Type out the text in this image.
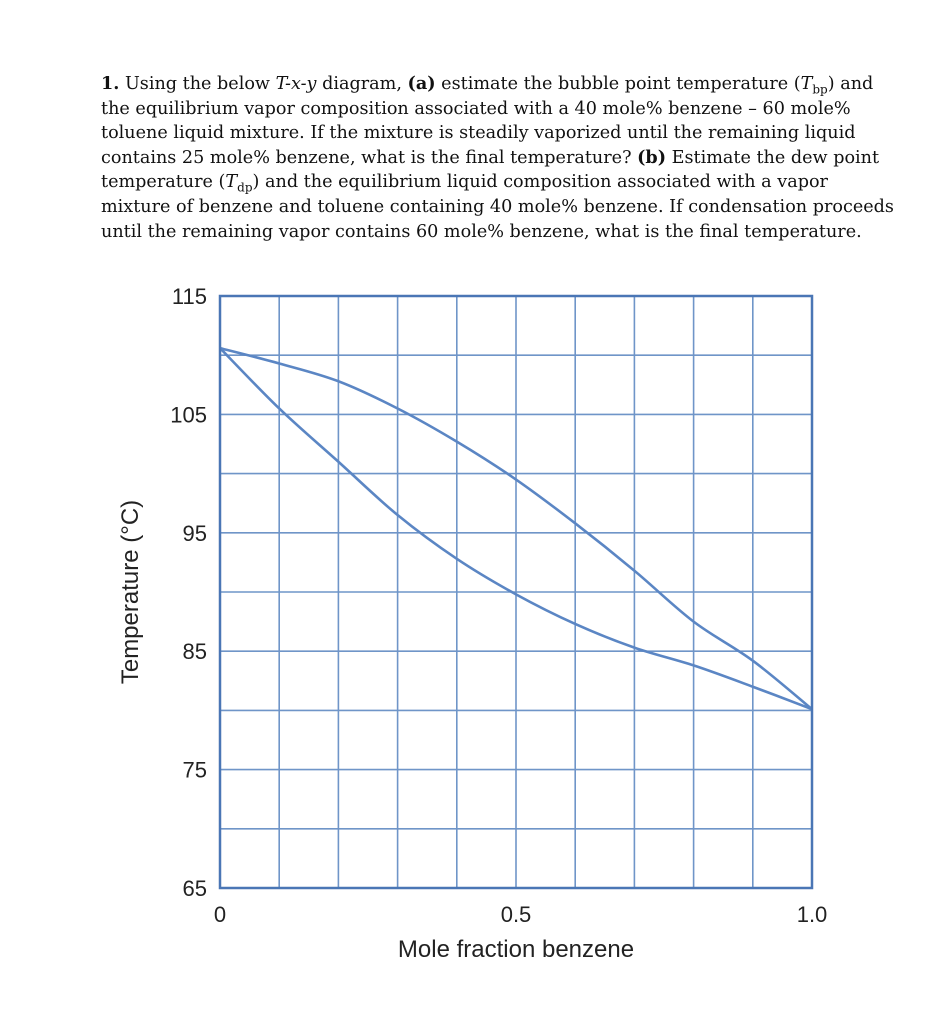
1. Using the below T-x-y diagram, (a) estimate the bubble point temperature $(T_{bp})$ and the equilibrium vapor composition associated with a 40 mole% benzene – 60 mole% toluene liquid mixture. If the mixture is steadily vaporized until the remaining liquid contains 25 mole% benzene, what is the final temperature? (b) Estimate the dew point temperature $(T_{dp})$ and the equilibrium liquid composition associated with a vapor mixture of benzene and toluene containing 40 mole% benzene. If condensation proceeds until the remaining vapor contains 60 mole% benzene, what is the final temperature.
115
105
95
85
75
65
0	0.5	1.0
Mole fraction benzene
Temperature (°C)
